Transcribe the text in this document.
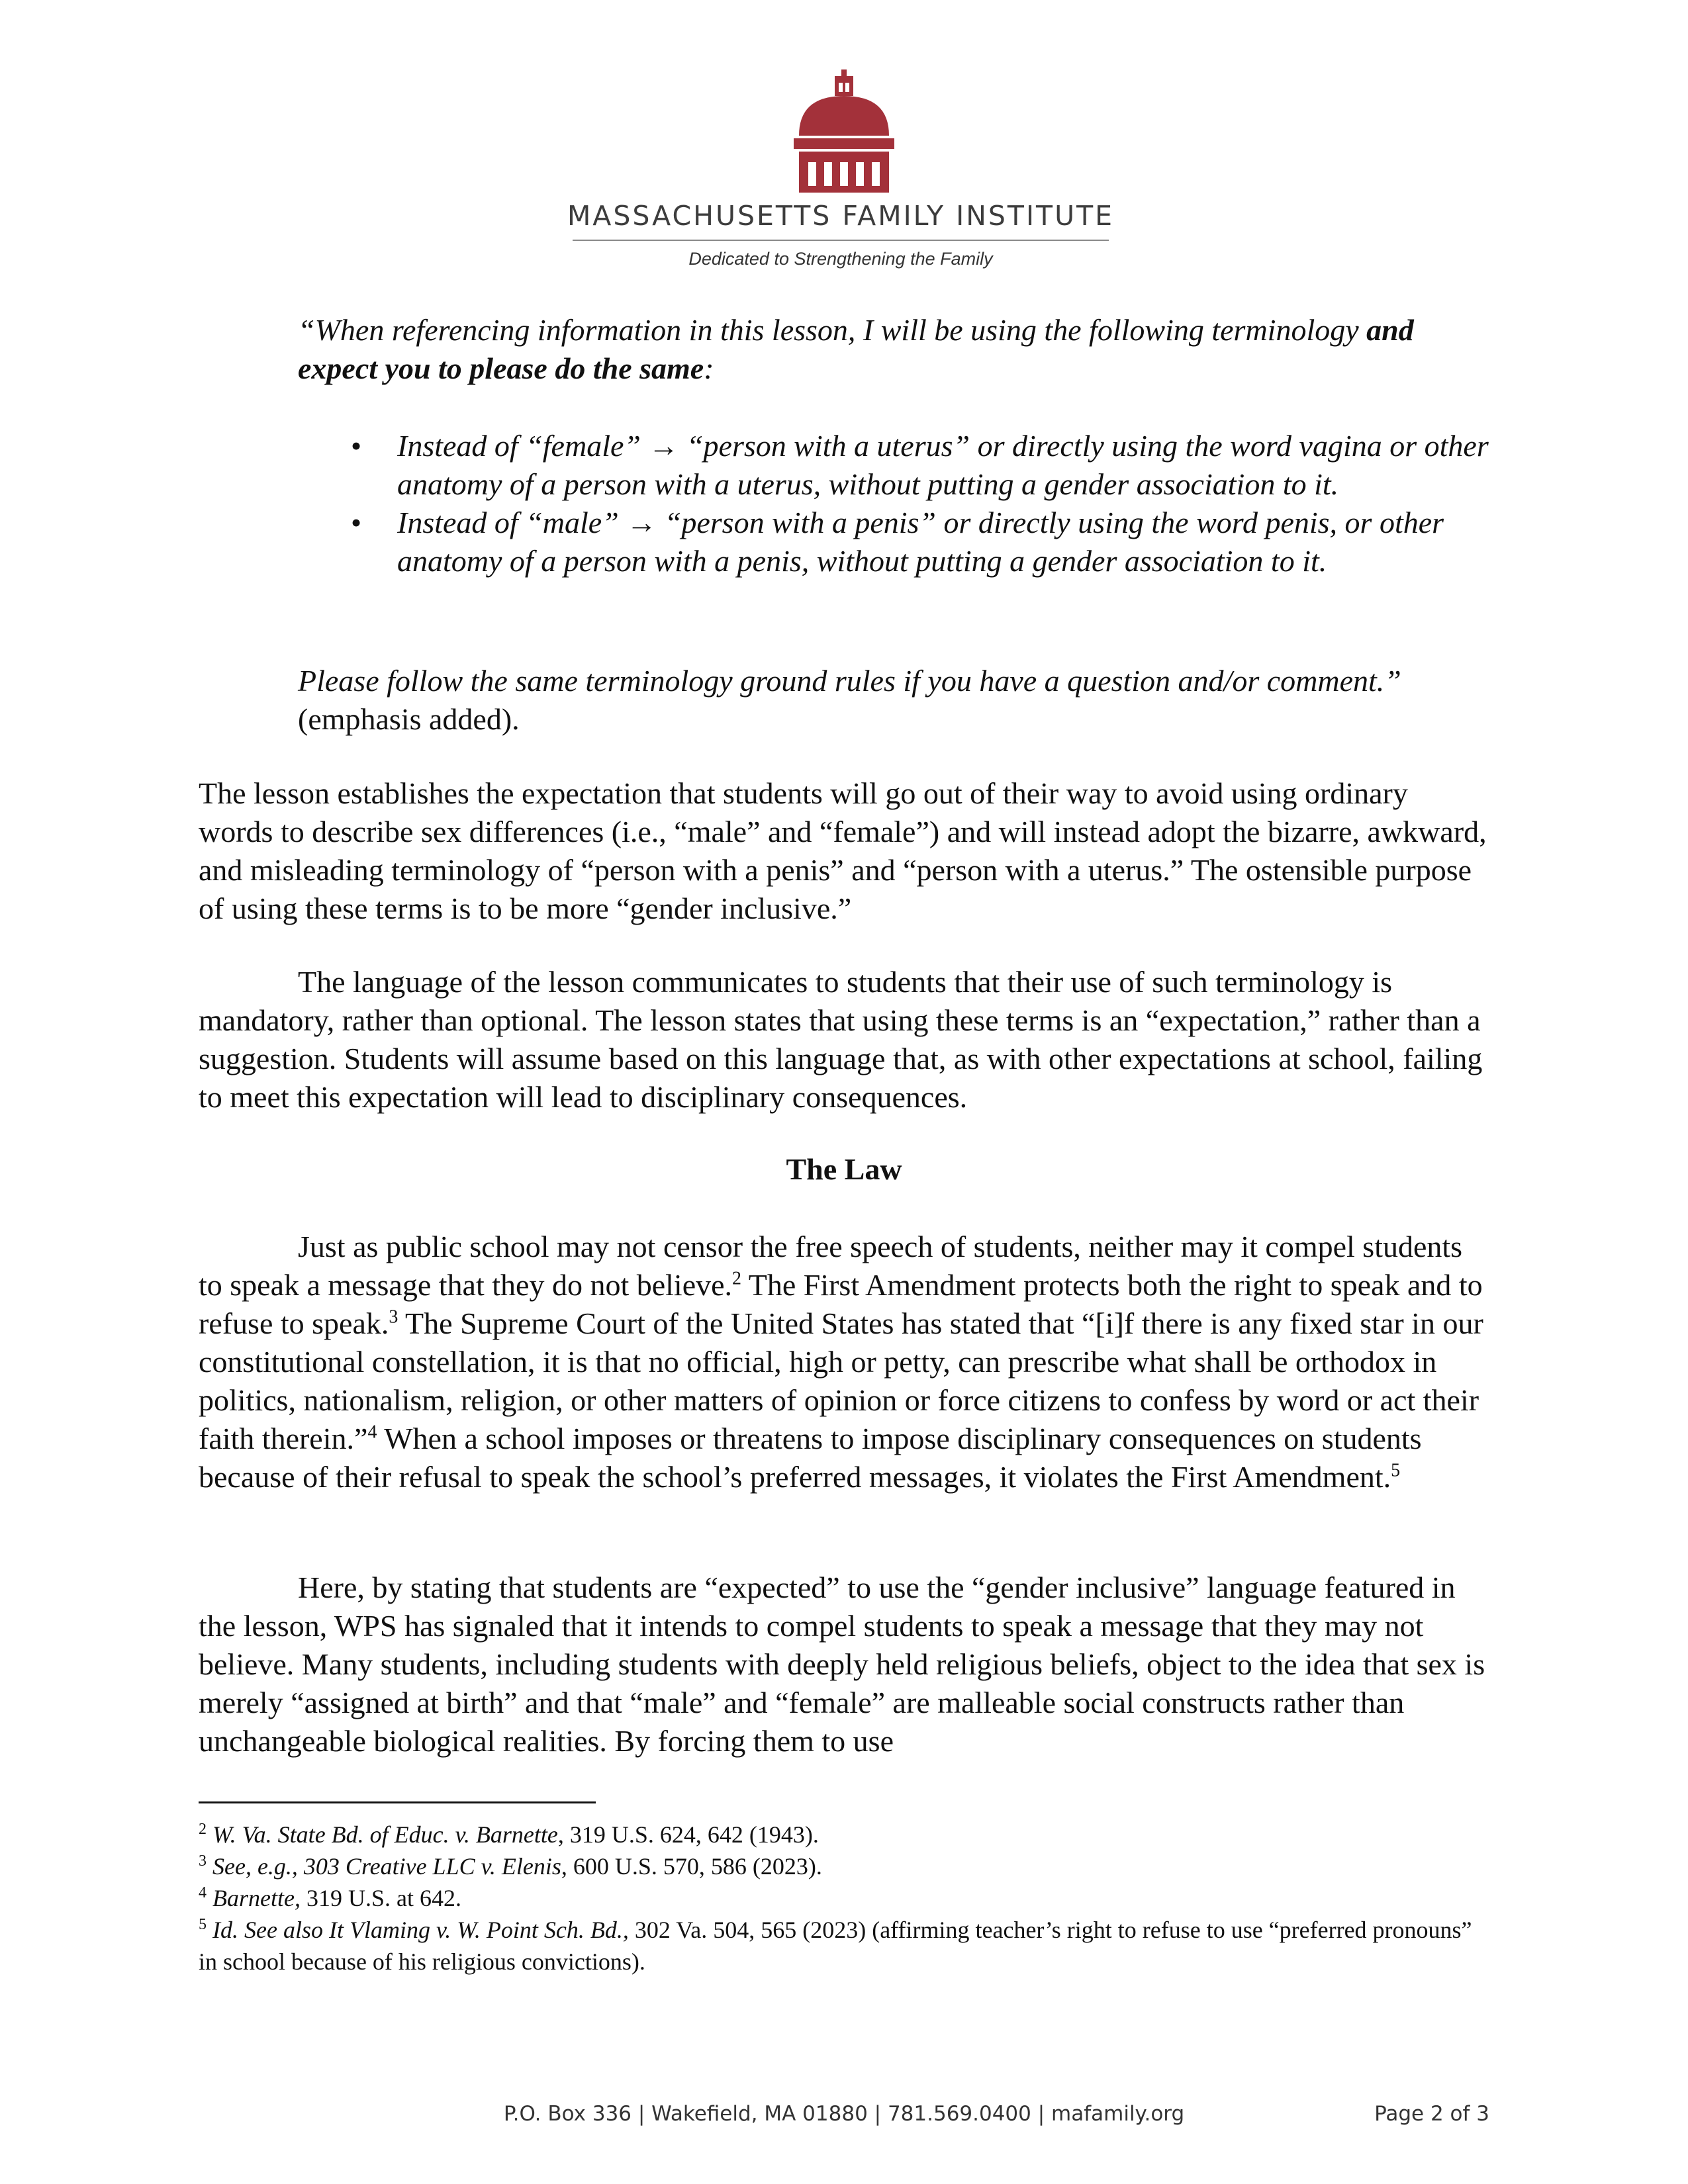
MASSACHUSETTS FAMILY INSTITUTE
Dedicated to Strengthening the Family

“When referencing information in this lesson, I will be using the following terminology and expect you to please do the same:

• Instead of “female” → “person with a uterus” or directly using the word vagina or other anatomy of a person with a uterus, without putting a gender association to it.
• Instead of “male” → “person with a penis” or directly using the word penis, or other anatomy of a person with a penis, without putting a gender association to it.

Please follow the same terminology ground rules if you have a question and/or comment.” (emphasis added).

The lesson establishes the expectation that students will go out of their way to avoid using ordinary words to describe sex differences (i.e., “male” and “female”) and will instead adopt the bizarre, awkward, and misleading terminology of “person with a penis” and “person with a uterus.” The ostensible purpose of using these terms is to be more “gender inclusive.”

The language of the lesson communicates to students that their use of such terminology is mandatory, rather than optional. The lesson states that using these terms is an “expectation,” rather than a suggestion. Students will assume based on this language that, as with other expectations at school, failing to meet this expectation will lead to disciplinary consequences.

The Law

Just as public school may not censor the free speech of students, neither may it compel students to speak a message that they do not believe.$^2$ The First Amendment protects both the right to speak and to refuse to speak.$^3$ The Supreme Court of the United States has stated that “[i]f there is any fixed star in our constitutional constellation, it is that no official, high or petty, can prescribe what shall be orthodox in politics, nationalism, religion, or other matters of opinion or force citizens to confess by word or act their faith therein.”$^4$ When a school imposes or threatens to impose disciplinary consequences on students because of their refusal to speak the school’s preferred messages, it violates the First Amendment.$^5$

Here, by stating that students are “expected” to use the “gender inclusive” language featured in the lesson, WPS has signaled that it intends to compel students to speak a message that they may not believe. Many students, including students with deeply held religious beliefs, object to the idea that sex is merely “assigned at birth” and that “male” and “female” are malleable social constructs rather than unchangeable biological realities. By forcing them to use

$^2$ W. Va. State Bd. of Educ. v. Barnette, 319 U.S. 624, 642 (1943).

$^3$ See, e.g., 303 Creative LLC v. Elenis, 600 U.S. 570, 586 (2023).

$^4$ Barnette, 319 U.S. at 642.

$^5$ Id. See also It Vlaming v. W. Point Sch. Bd., 302 Va. 504, 565 (2023) (affirming teacher’s right to refuse to use “preferred pronouns” in school because of his religious convictions).

P.O. Box 336 | Wakefield, MA 01880 | 781.569.0400 | mafamily.org	Page 2 of 3
